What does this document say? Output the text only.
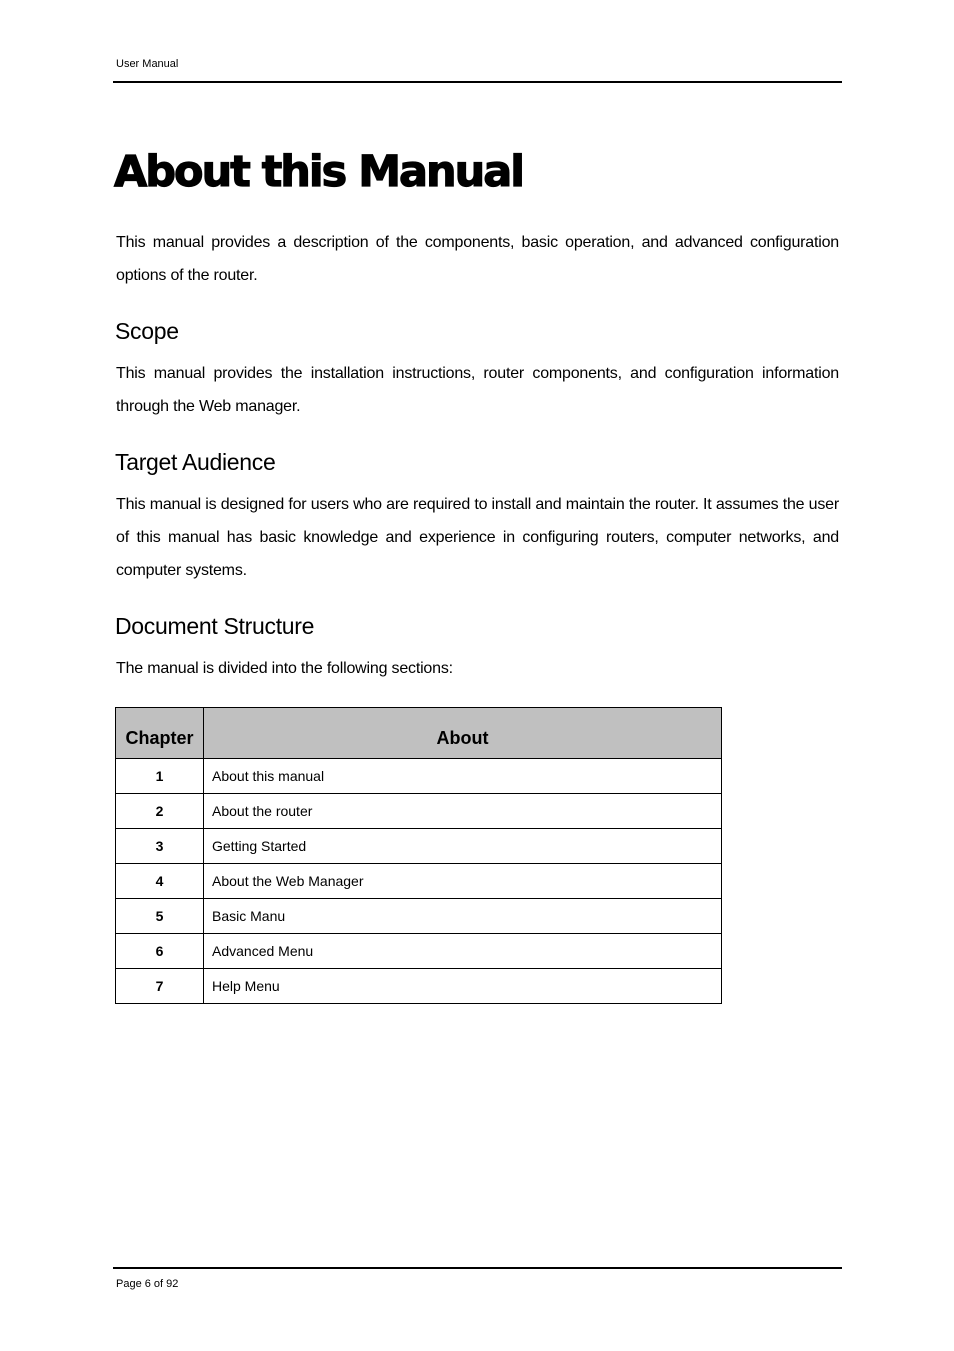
User Manual
About this Manual

This manual provides a description of the components, basic operation, and advanced configuration options of the router.

Scope

This manual provides the installation instructions, router components, and configuration information through the Web manager.

Target Audience

This manual is designed for users who are required to install and maintain the router. It assumes the user of this manual has basic knowledge and experience in configuring routers, computer networks, and computer systems.

Document Structure

The manual is divided into the following sections:

Chapter	About
1	About this manual
2	About the router
3	Getting Started
4	About the Web Manager
5	Basic Manu
6	Advanced Menu
7	Help Menu
Page 6 of 92
